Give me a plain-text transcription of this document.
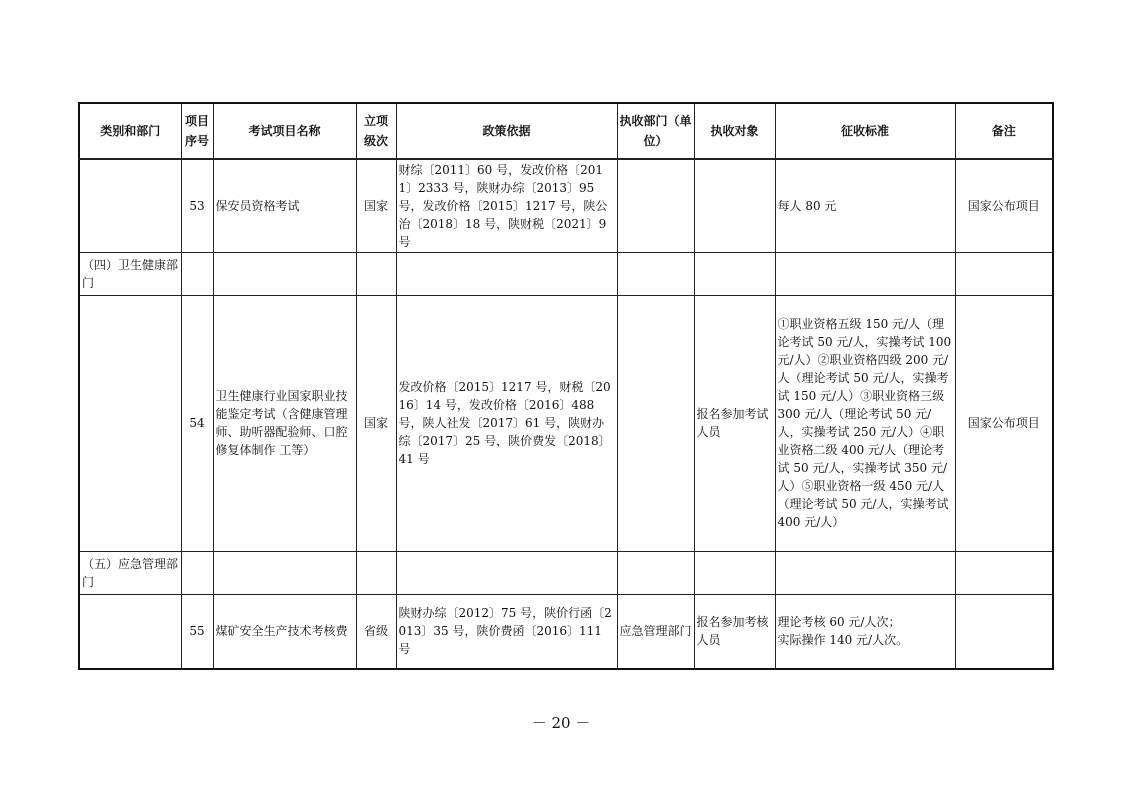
类别和部门	项目序号	考试项目名称	立项级次	政策依据	执收部门（单位）	执收对象	征收标准	备注
	53	保安员资格考试	国家	财综〔2011〕60 号，发改价格〔2011〕2333 号，陕财办综〔2013〕95 号，发改价格〔2015〕1217 号，陕公治〔2018〕18 号，陕财税〔2021〕9 号			每人 80 元	国家公布项目
（四）卫生健康部门								
	54	卫生健康行业国家职业技能鉴定考试（含健康管理师、助听器配验师、口腔修复体制作 工等）	国家	发改价格〔2015〕1217 号，财税〔2016〕14 号，发改价格〔2016〕488 号，陕人社发〔2017〕61 号，陕财办综〔2017〕25 号，陕价费发〔2018〕41 号		报名参加考试人员	①职业资格五级 150 元/人（理论考试 50 元/人，实操考试 100 元/人）②职业资格四级 200 元/人（理论考试 50 元/人，实操考试 150 元/人）③职业资格三级 300 元/人（理论考试 50 元/人，实操考试 250 元/人）④职业资格二级 400 元/人（理论考试 50 元/人，实操考试 350 元/人）⑤职业资格一级 450 元/人（理论考试 50 元/人，实操考试 400 元/人）	国家公布项目
（五）应急管理部门								
	55	煤矿安全生产技术考核费	省级	陕财办综〔2012〕75 号，陕价行函〔2013〕35 号，陕价费函〔2016〕111 号	应急管理部门	报名参加考核人员	理论考核 60 元/人次；
实际操作 140 元/人次。	

－ 20 －
